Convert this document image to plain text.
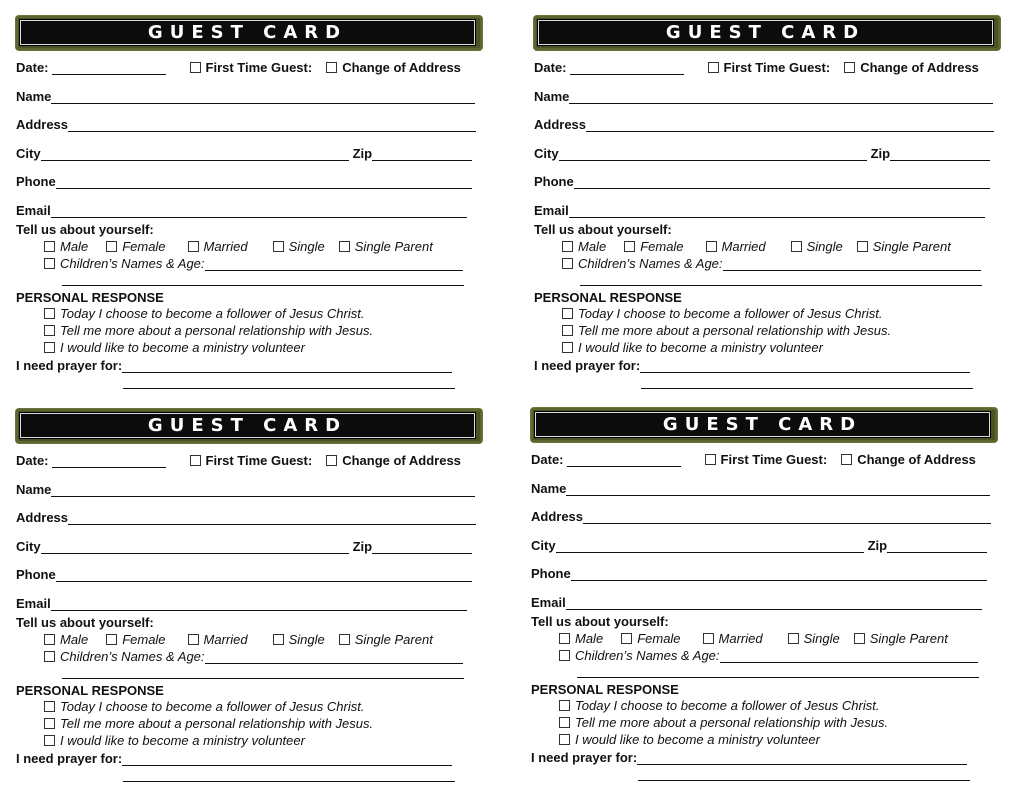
GUEST CARD
Date:	First Time Guest: Change of Address
Name
Address
City	Zip
Phone
Email
Tell us about yourself:
Male	Female	Married	Single Single Parent
Children’s Names & Age:
PERSONAL RESPONSE
Today I choose to become a follower of Jesus Christ.
Tell me more about a personal relationship with Jesus.
I would like to become a ministry volunteer
I need prayer for:
GUEST CARD
Date:	First Time Guest: Change of Address
Name
Address
City	Zip
Phone
Email
Tell us about yourself:
Male	Female	Married	Single Single Parent
Children’s Names & Age:
PERSONAL RESPONSE
Today I choose to become a follower of Jesus Christ.
Tell me more about a personal relationship with Jesus.
I would like to become a ministry volunteer
I need prayer for:
GUEST CARD
Date:	First Time Guest: Change of Address
Name
Address
City	Zip
Phone
Email
Tell us about yourself:
Male	Female	Married	Single Single Parent
Children’s Names & Age:
PERSONAL RESPONSE
Today I choose to become a follower of Jesus Christ.
Tell me more about a personal relationship with Jesus.
I would like to become a ministry volunteer
I need prayer for:
GUEST CARD
Date:	First Time Guest: Change of Address
Name
Address
City	Zip
Phone
Email
Tell us about yourself:
Male	Female	Married	Single Single Parent
Children’s Names & Age:
PERSONAL RESPONSE
Today I choose to become a follower of Jesus Christ.
Tell me more about a personal relationship with Jesus.
I would like to become a ministry volunteer
I need prayer for:
